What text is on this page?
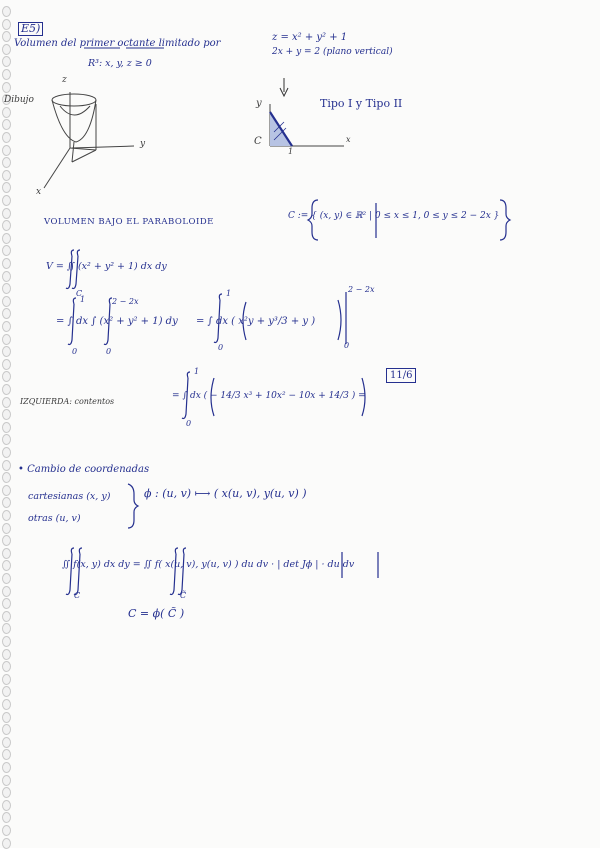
E5)
Volumen del primer octante limitado por
R³: x, y, z ≥ 0
z = x² + y² + 1
2x + y = 2 (plano vertical)
Dibujo
z
y
x
y
C
1
x
Tipo I y Tipo II
VOLUMEN BAJO EL PARABOLOIDE
C := { (x, y) ∈ ℝ² | 0 ≤ x ≤ 1, 0 ≤ y ≤ 2 − 2x }
V = ∬ (x² + y² + 1) dx dy
C
= ∫ dx ∫ (x² + y² + 1) dy
1	2 − 2x
0	0
= ∫ dx ( x²y + y³/3 + y )
1
0
2 − 2x
0
IZQUIERDA: contentos
= ∫ dx ( − 14/3 x³ + 10x² − 10x + 14/3 ) =
1
0
11/6
• Cambio de coordenadas
cartesianas (x, y)
otras (u, v)
ϕ : (u, v) ⟼ ( x(u, v), y(u, v) )
∬ f(x, y) dx dy = ∬ f( x(u, v), y(u, v) ) du dv · | det Jϕ | · du dv
C	C̃
C = ϕ( C̃ )
